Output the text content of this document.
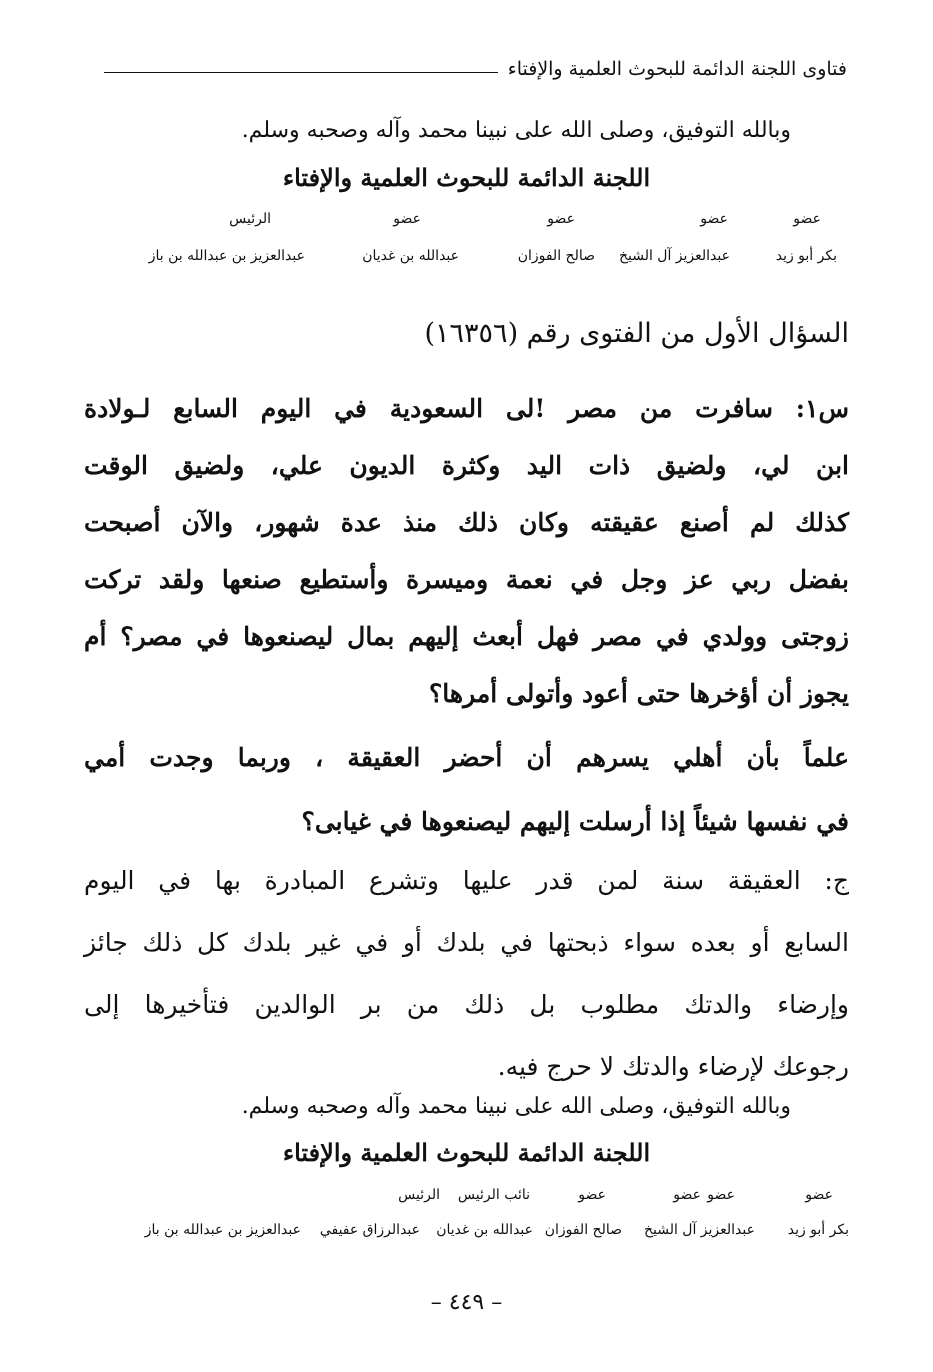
فتاوى اللجنة الدائمة للبحوث العلمية والإفتاء
وبالله التوفيق، وصلى الله على نبينا محمد وآله وصحبه وسلم.
اللجنة الدائمة للبحوث العلمية والإفتاء
عضو
عضو
عضو
عضو
الرئيس
بكر أبو زيد
عبدالعزيز آل الشيخ
صالح الفوزان
عبدالله بن غديان
عبدالعزيز بن عبدالله بن باز
السؤال الأول من الفتوى رقم (١٦٣٥٦)
س١: سافرت من مصر !لى السعودية في اليوم السابع لـولادة
ابن لي، ولضيق ذات اليد وكثرة الديون علي، ولضيق الوقت
كذلك لم أصنع عقيقته وكان ذلك منذ عدة شهور، والآن أصبحت
بفضل ربي عز وجل في نعمة وميسرة وأستطيع صنعها ولقد تركت
زوجتى وولدي في مصر فهل أبعث إليهم بمال ليصنعوها في مصر؟ أم
يجوز أن أؤخرها حتى أعود وأتولى أمرها؟
علماً بأن أهلي يسرهم أن أحضر العقيقة ، وربما وجدت أمي
في نفسها شيئاً إذا أرسلت إليهم ليصنعوها في غيابى؟
ج: العقيقة سنة لمن قدر عليها وتشرع المبادرة بها في اليوم
السابع أو بعده سواء ذبحتها في بلدك أو في غير بلدك كل ذلك جائز
وإرضاء والدتك مطلوب بل ذلك من بر الوالدين فتأخيرها إلى
رجوعك لإرضاء والدتك لا حرج فيه.
وبالله التوفيق، وصلى الله على نبينا محمد وآله وصحبه وسلم.
اللجنة الدائمة للبحوث العلمية والإفتاء
عضو
عضو
عضو
عضو
نائب الرئيس
الرئيس
بكر أبو زيد
عبدالعزيز آل الشيخ
صالح الفوزان
عبدالله بن غديان
عبدالرزاق عفيفي
عبدالعزيز بن عبدالله بن باز
– ٤٤٩ –
